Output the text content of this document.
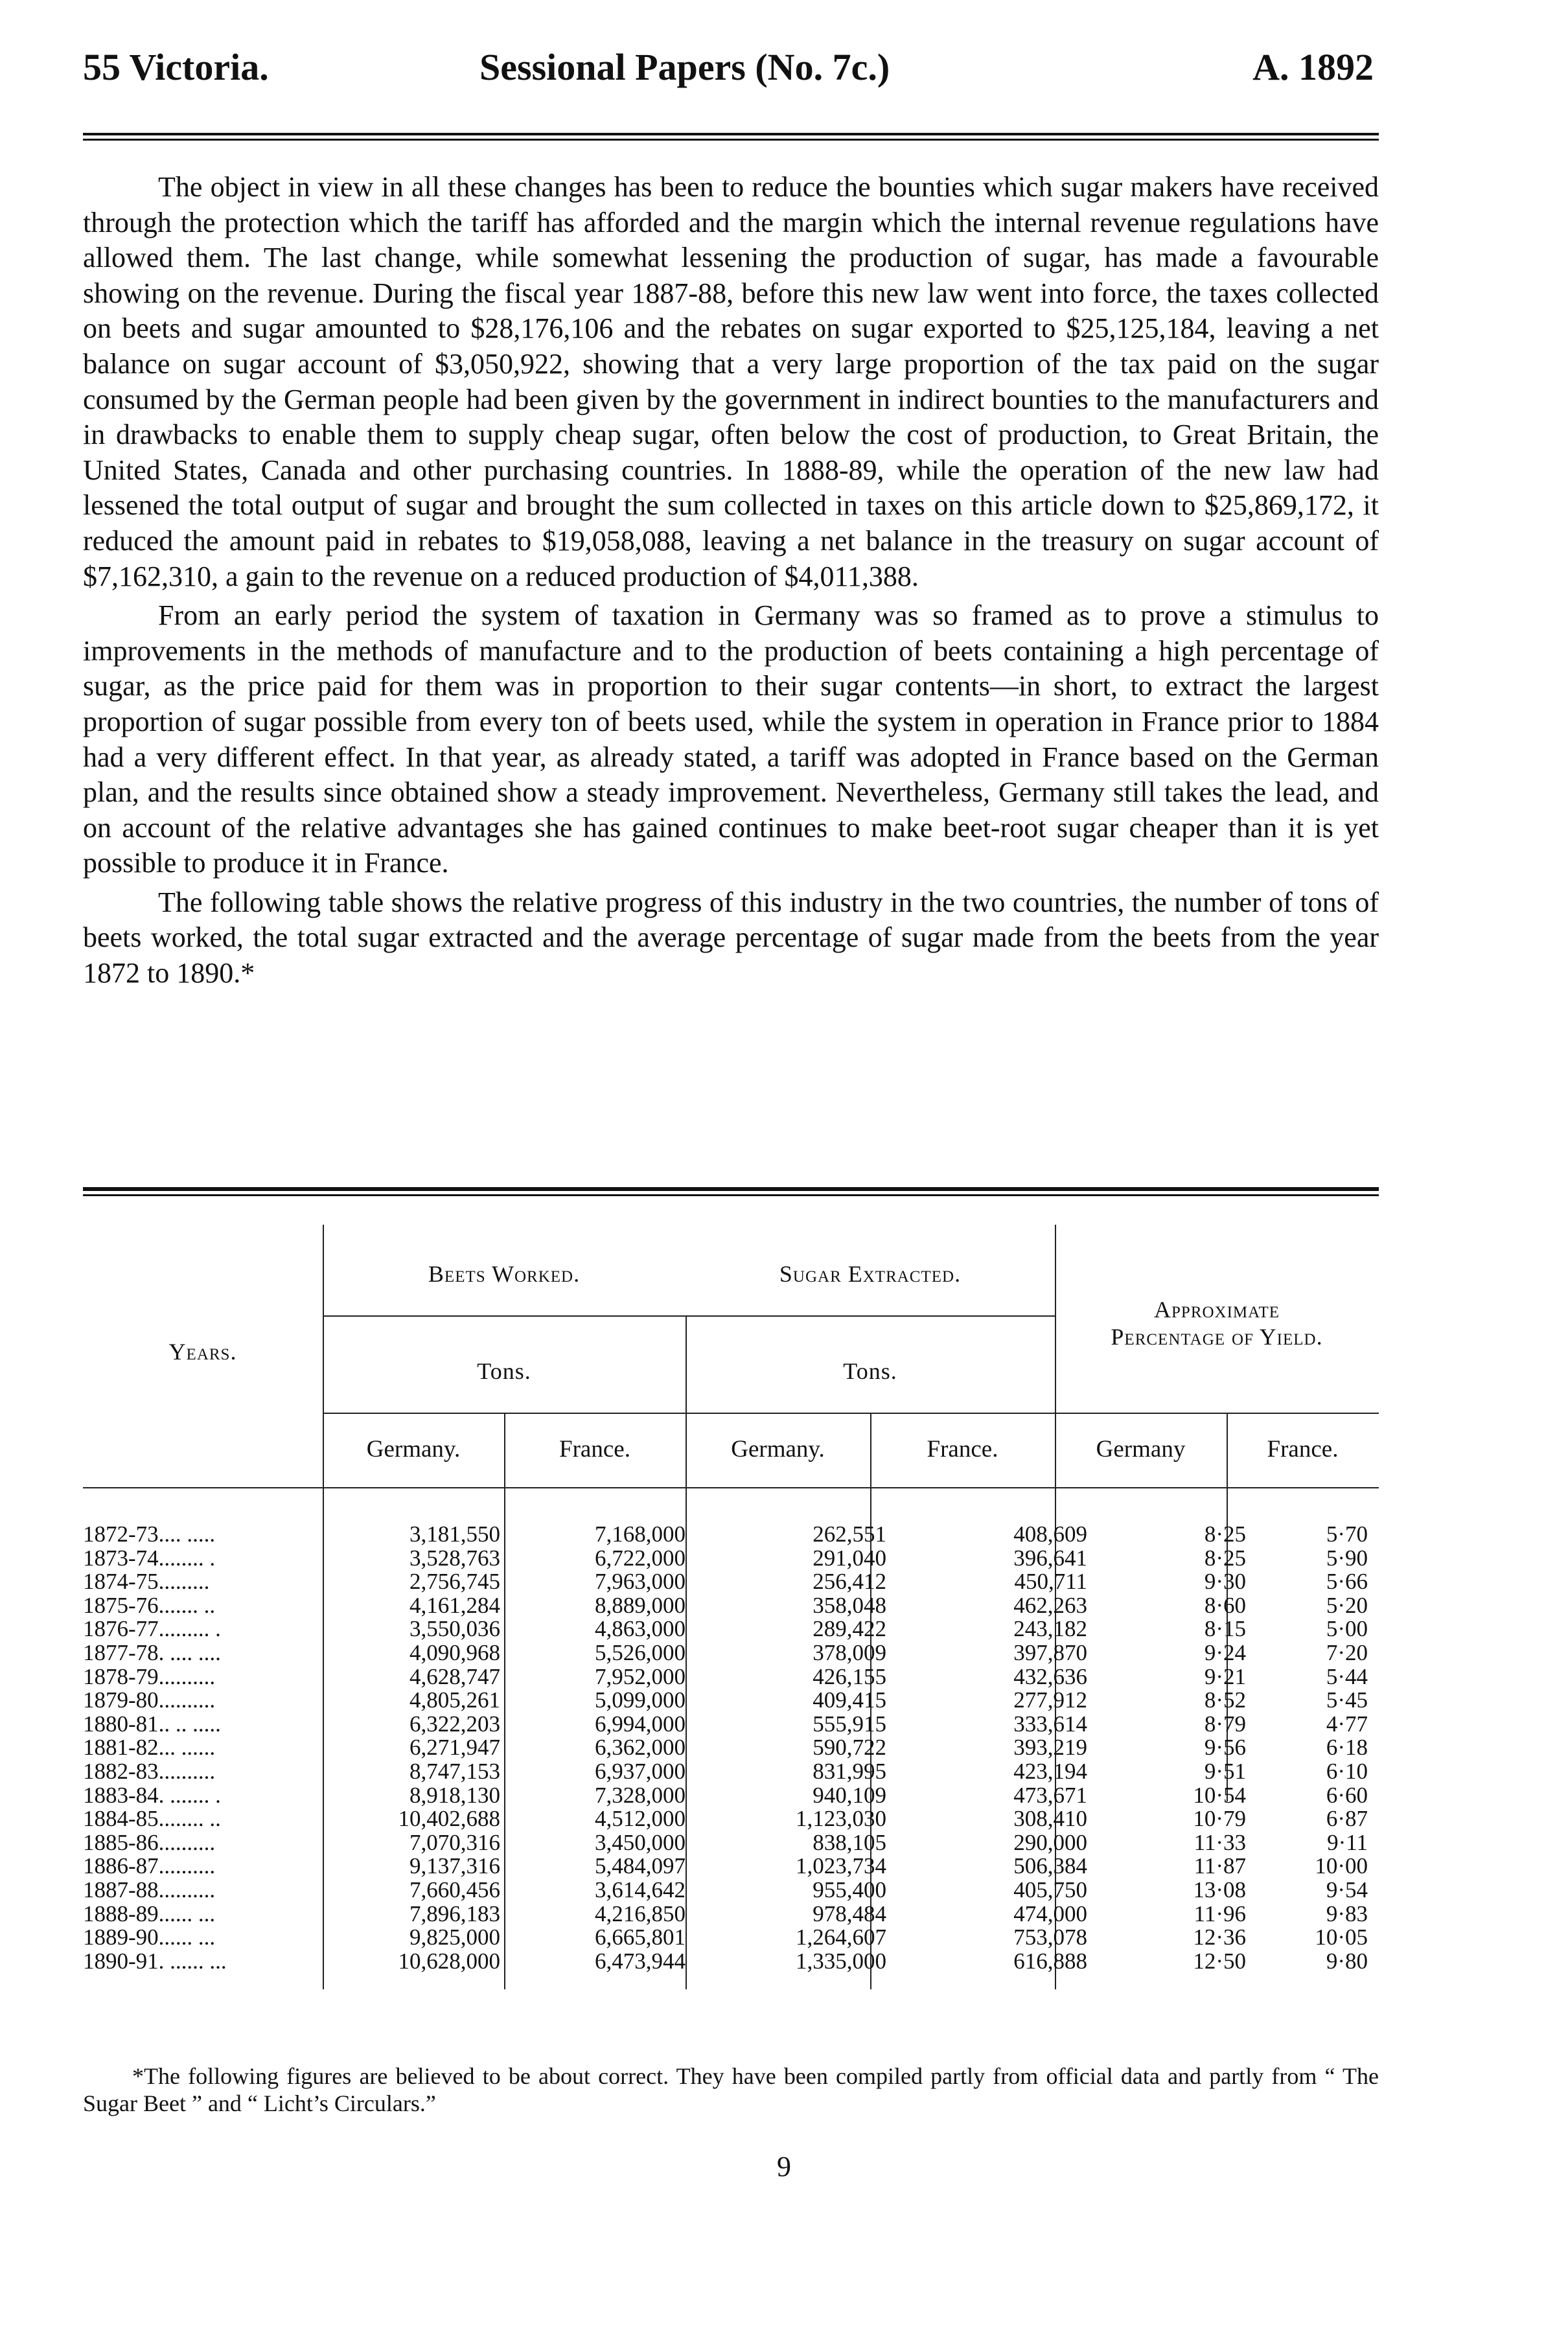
55 Victoria.	Sessional Papers (No. 7c.)	A. 1892

The object in view in all these changes has been to reduce the bounties which sugar makers have received through the protection which the tariff has afforded and the margin which the internal revenue regulations have allowed them. The last change, while somewhat lessening the production of sugar, has made a favourable showing on the revenue. During the fiscal year 1887-88, before this new law went into force, the taxes collected on beets and sugar amounted to $28,176,106 and the rebates on sugar exported to $25,125,184, leaving a net balance on sugar account of $3,050,922, showing that a very large proportion of the tax paid on the sugar consumed by the German people had been given by the government in indirect bounties to the manufacturers and in drawbacks to enable them to supply cheap sugar, often below the cost of production, to Great Britain, the United States, Canada and other purchasing countries. In 1888-89, while the operation of the new law had lessened the total output of sugar and brought the sum collected in taxes on this article down to $25,869,172, it reduced the amount paid in rebates to $19,058,088, leaving a net balance in the treasury on sugar account of $7,162,310, a gain to the revenue on a reduced production of $4,011,388.

From an early period the system of taxation in Germany was so framed as to prove a stimulus to improvements in the methods of manufacture and to the production of beets containing a high percentage of sugar, as the price paid for them was in proportion to their sugar contents—in short, to extract the largest proportion of sugar possible from every ton of beets used, while the system in operation in France prior to 1884 had a very different effect. In that year, as already stated, a tariff was adopted in France based on the German plan, and the results since obtained show a steady improvement. Nevertheless, Germany still takes the lead, and on account of the relative advantages she has gained continues to make beet-root sugar cheaper than it is yet possible to produce it in France.

The following table shows the relative progress of this industry in the two countries, the number of tons of beets worked, the total sugar extracted and the average percentage of sugar made from the beets from the year 1872 to 1890.*

Years.
Beets Worked.	Sugar Extracted.
Approximate
Percentage of Yield.
Tons.	Tons.
Germany.	France.	Germany.	France.	Germany	France.
1872-73.... .....	3,181,550	7,168,000	262,551	408,609	8·25	5·70
1873-74........ .	3,528,763	6,722,000	291,040	396,641	8·25	5·90
1874-75.........	2,756,745	7,963,000	256,412	450,711	9·30	5·66
1875-76....... ..	4,161,284	8,889,000	358,048	462,263	8·60	5·20
1876-77......... .	3,550,036	4,863,000	289,422	243,182	8·15	5·00
1877-78. .... ....	4,090,968	5,526,000	378,009	397,870	9·24	7·20
1878-79..........	4,628,747	7,952,000	426,155	432,636	9·21	5·44
1879-80..........	4,805,261	5,099,000	409,415	277,912	8·52	5·45
1880-81.. .. .....	6,322,203	6,994,000	555,915	333,614	8·79	4·77
1881-82... ......	6,271,947	6,362,000	590,722	393,219	9·56	6·18
1882-83..........	8,747,153	6,937,000	831,995	423,194	9·51	6·10
1883-84. ....... .	8,918,130	7,328,000	940,109	473,671	10·54	6·60
1884-85........ ..	10,402,688	4,512,000	1,123,030	308,410	10·79	6·87
1885-86..........	7,070,316	3,450,000	838,105	290,000	11·33	9·11
1886-87..........	9,137,316	5,484,097	1,023,734	506,384	11·87	10·00
1887-88..........	7,660,456	3,614,642	955,400	405,750	13·08	9·54
1888-89...... ...	7,896,183	4,216,850	978,484	474,000	11·96	9·83
1889-90...... ...	9,825,000	6,665,801	1,264,607	753,078	12·36	10·05
1890-91. ...... ...	10,628,000	6,473,944	1,335,000	616,888	12·50	9·80

*The following figures are believed to be about correct. They have been compiled partly from official data and partly from “ The Sugar Beet ” and “ Licht’s Circulars.”

9
